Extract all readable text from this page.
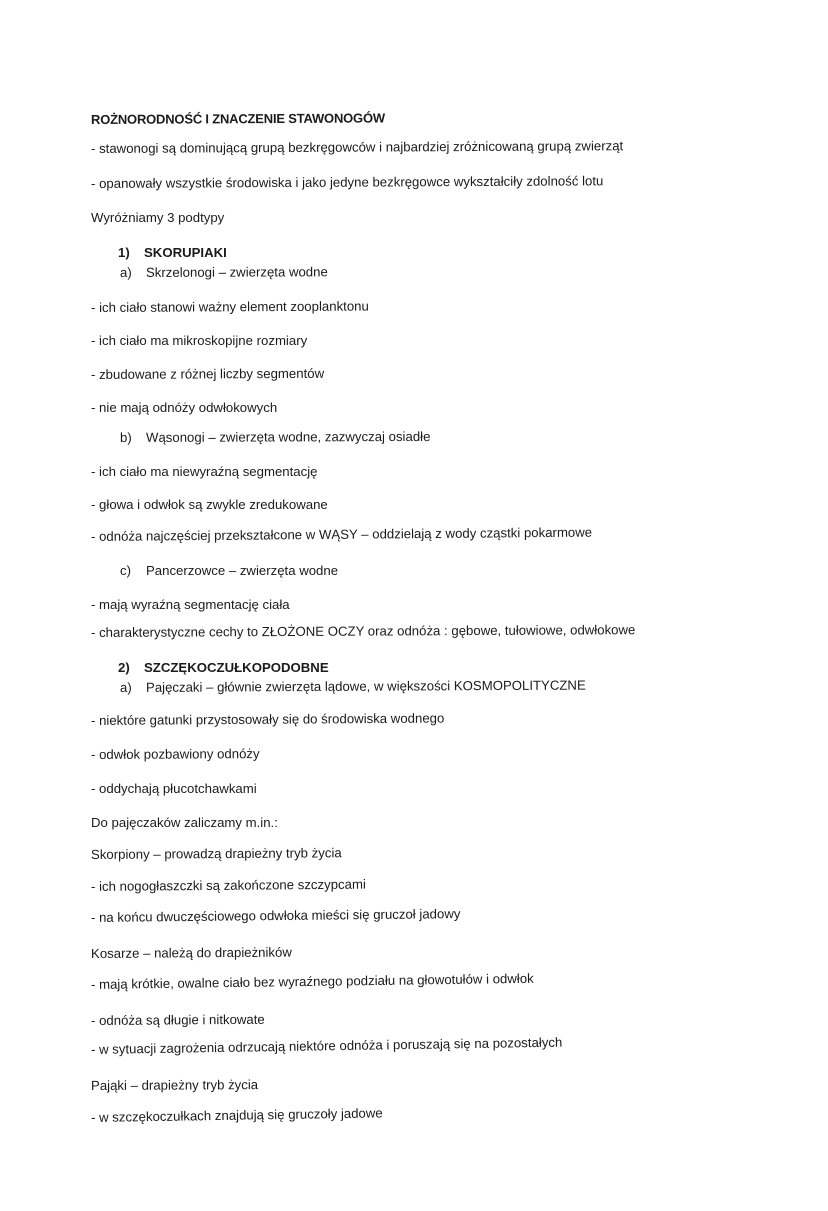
ROŻNORODNOŚĆ I ZNACZENIE STAWONOGÓW
- stawonogi są dominującą grupą bezkręgowców i najbardziej zróżnicowaną grupą zwierząt
- opanowały wszystkie środowiska i jako jedyne bezkręgowce wykształciły zdolność lotu
Wyróżniamy 3 podtypy
1) SKORUPIAKI
a) Skrzelonogi – zwierzęta wodne
- ich ciało stanowi ważny element zooplanktonu
- ich ciało ma mikroskopijne rozmiary
- zbudowane z różnej liczby segmentów
- nie mają odnóży odwłokowych
b) Wąsonogi – zwierzęta wodne, zazwyczaj osiadłe
- ich ciało ma niewyraźną segmentację
- głowa i odwłok są zwykle zredukowane
- odnóża najczęściej przekształcone w WĄSY – oddzielają z wody cząstki pokarmowe
c) Pancerzowce – zwierzęta wodne
- mają wyraźną segmentację ciała
- charakterystyczne cechy to ZŁOŻONE OCZY oraz odnóża : gębowe, tułowiowe, odwłokowe
2) SZCZĘKOCZUŁKOPODOBNE
a) Pajęczaki – głównie zwierzęta lądowe, w większości KOSMOPOLITYCZNE
- niektóre gatunki przystosowały się do środowiska wodnego
- odwłok pozbawiony odnóży
- oddychają płucotchawkami
Do pajęczaków zaliczamy m.in.:
Skorpiony – prowadzą drapieżny tryb życia
- ich nogogłaszczki są zakończone szczypcami
- na końcu dwuczęściowego odwłoka mieści się gruczoł jadowy
Kosarze – należą do drapieżników
- mają krótkie, owalne ciało bez wyraźnego podziału na głowotułów i odwłok
- odnóża są długie i nitkowate
- w sytuacji zagrożenia odrzucają niektóre odnóża i poruszają się na pozostałych
Pająki – drapieżny tryb życia
- w szczękoczułkach znajdują się gruczoły jadowe
